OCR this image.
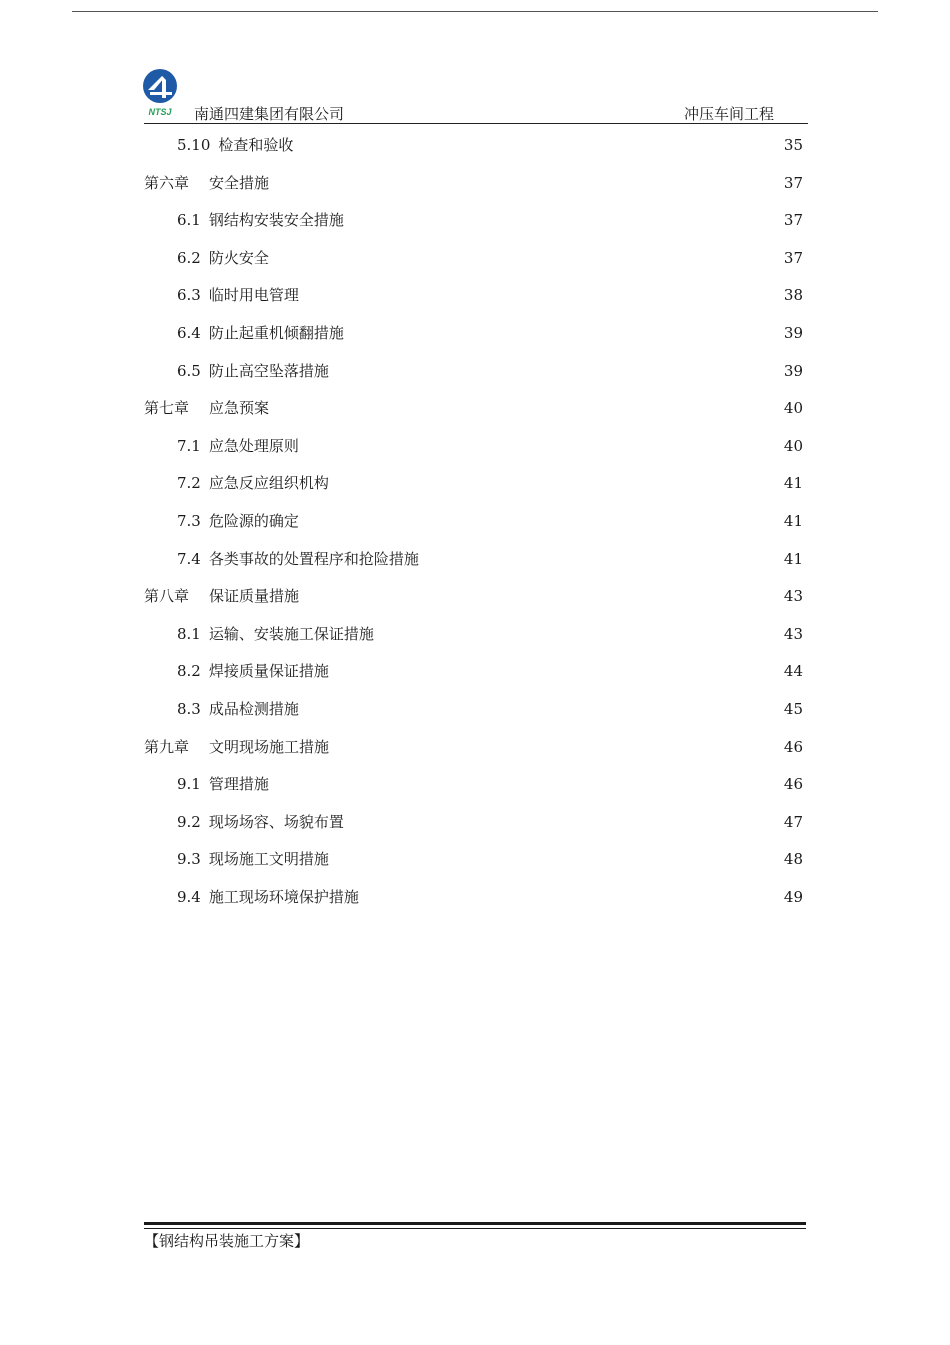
NTSJ 南通四建集团有限公司	冲压车间工程
5.10 检查和验收	35
第六章 安全措施	37
6.1 钢结构安装安全措施	37
6.2 防火安全	37
6.3 临时用电管理	38
6.4 防止起重机倾翻措施	39
6.5 防止高空坠落措施	39
第七章 应急预案	40
7.1 应急处理原则	40
7.2 应急反应组织机构	41
7.3 危险源的确定	41
7.4 各类事故的处置程序和抢险措施	41
第八章 保证质量措施	43
8.1 运输、安装施工保证措施	43
8.2 焊接质量保证措施	44
8.3 成品检测措施	45
第九章 文明现场施工措施	46
9.1 管理措施	46
9.2 现场场容、场貌布置	47
9.3 现场施工文明措施	48
9.4 施工现场环境保护措施	49
【钢结构吊装施工方案】
